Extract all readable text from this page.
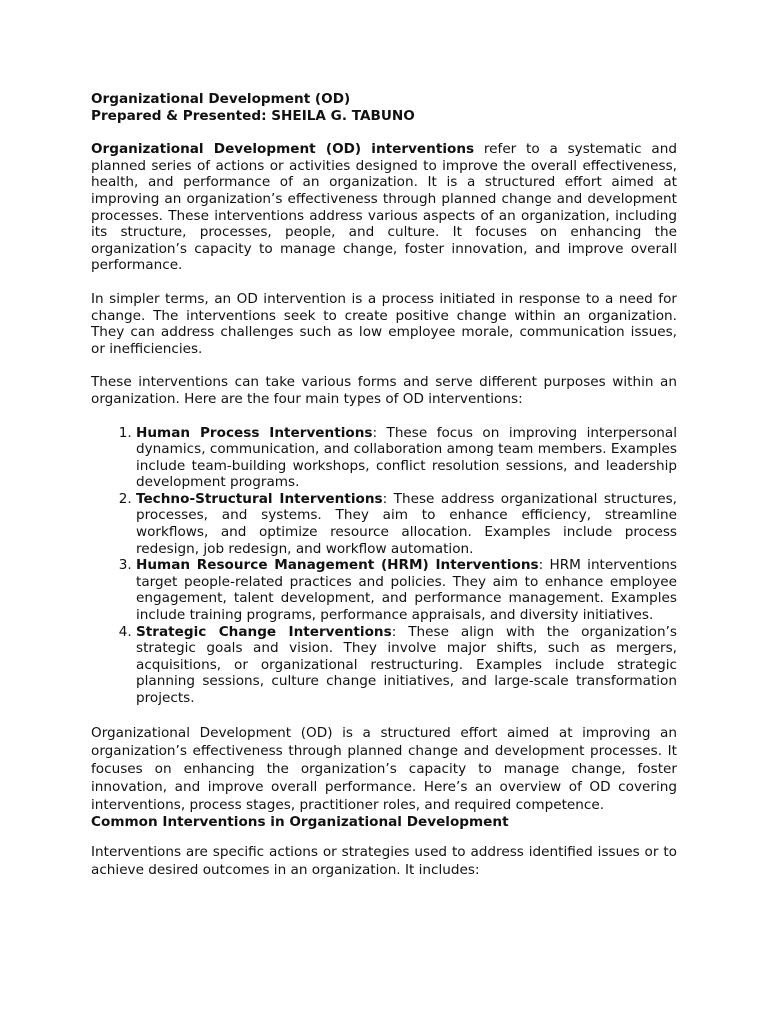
Organizational Development (OD)
Prepared & Presented: SHEILA G. TABUNO

Organizational Development (OD) interventions refer to a systematic and planned series of actions or activities designed to improve the overall effectiveness, health, and performance of an organization. It is a structured effort aimed at improving an organization’s effectiveness through planned change and development processes. These interventions address various aspects of an organization, including its structure, processes, people, and culture. It focuses on enhancing the organization’s capacity to manage change, foster innovation, and improve overall performance.

In simpler terms, an OD intervention is a process initiated in response to a need for change. The interventions seek to create positive change within an organization. They can address challenges such as low employee morale, communication issues, or inefficiencies.

These interventions can take various forms and serve different purposes within an organization. Here are the four main types of OD interventions:

1. Human Process Interventions: These focus on improving interpersonal dynamics, communication, and collaboration among team members. Examples include team-building workshops, conflict resolution sessions, and leadership development programs.
2. Techno-Structural Interventions: These address organizational structures, processes, and systems. They aim to enhance efficiency, streamline workflows, and optimize resource allocation. Examples include process redesign, job redesign, and workflow automation.
3. Human Resource Management (HRM) Interventions: HRM interventions target people-related practices and policies. They aim to enhance employee engagement, talent development, and performance management. Examples include training programs, performance appraisals, and diversity initiatives.
4. Strategic Change Interventions: These align with the organization’s strategic goals and vision. They involve major shifts, such as mergers, acquisitions, or organizational restructuring. Examples include strategic planning sessions, culture change initiatives, and large-scale transformation projects.

Organizational Development (OD) is a structured effort aimed at improving an organization’s effectiveness through planned change and development processes. It focuses on enhancing the organization’s capacity to manage change, foster innovation, and improve overall performance. Here’s an overview of OD covering interventions, process stages, practitioner roles, and required competence.

Common Interventions in Organizational Development

Interventions are specific actions or strategies used to address identified issues or to achieve desired outcomes in an organization. It includes:
